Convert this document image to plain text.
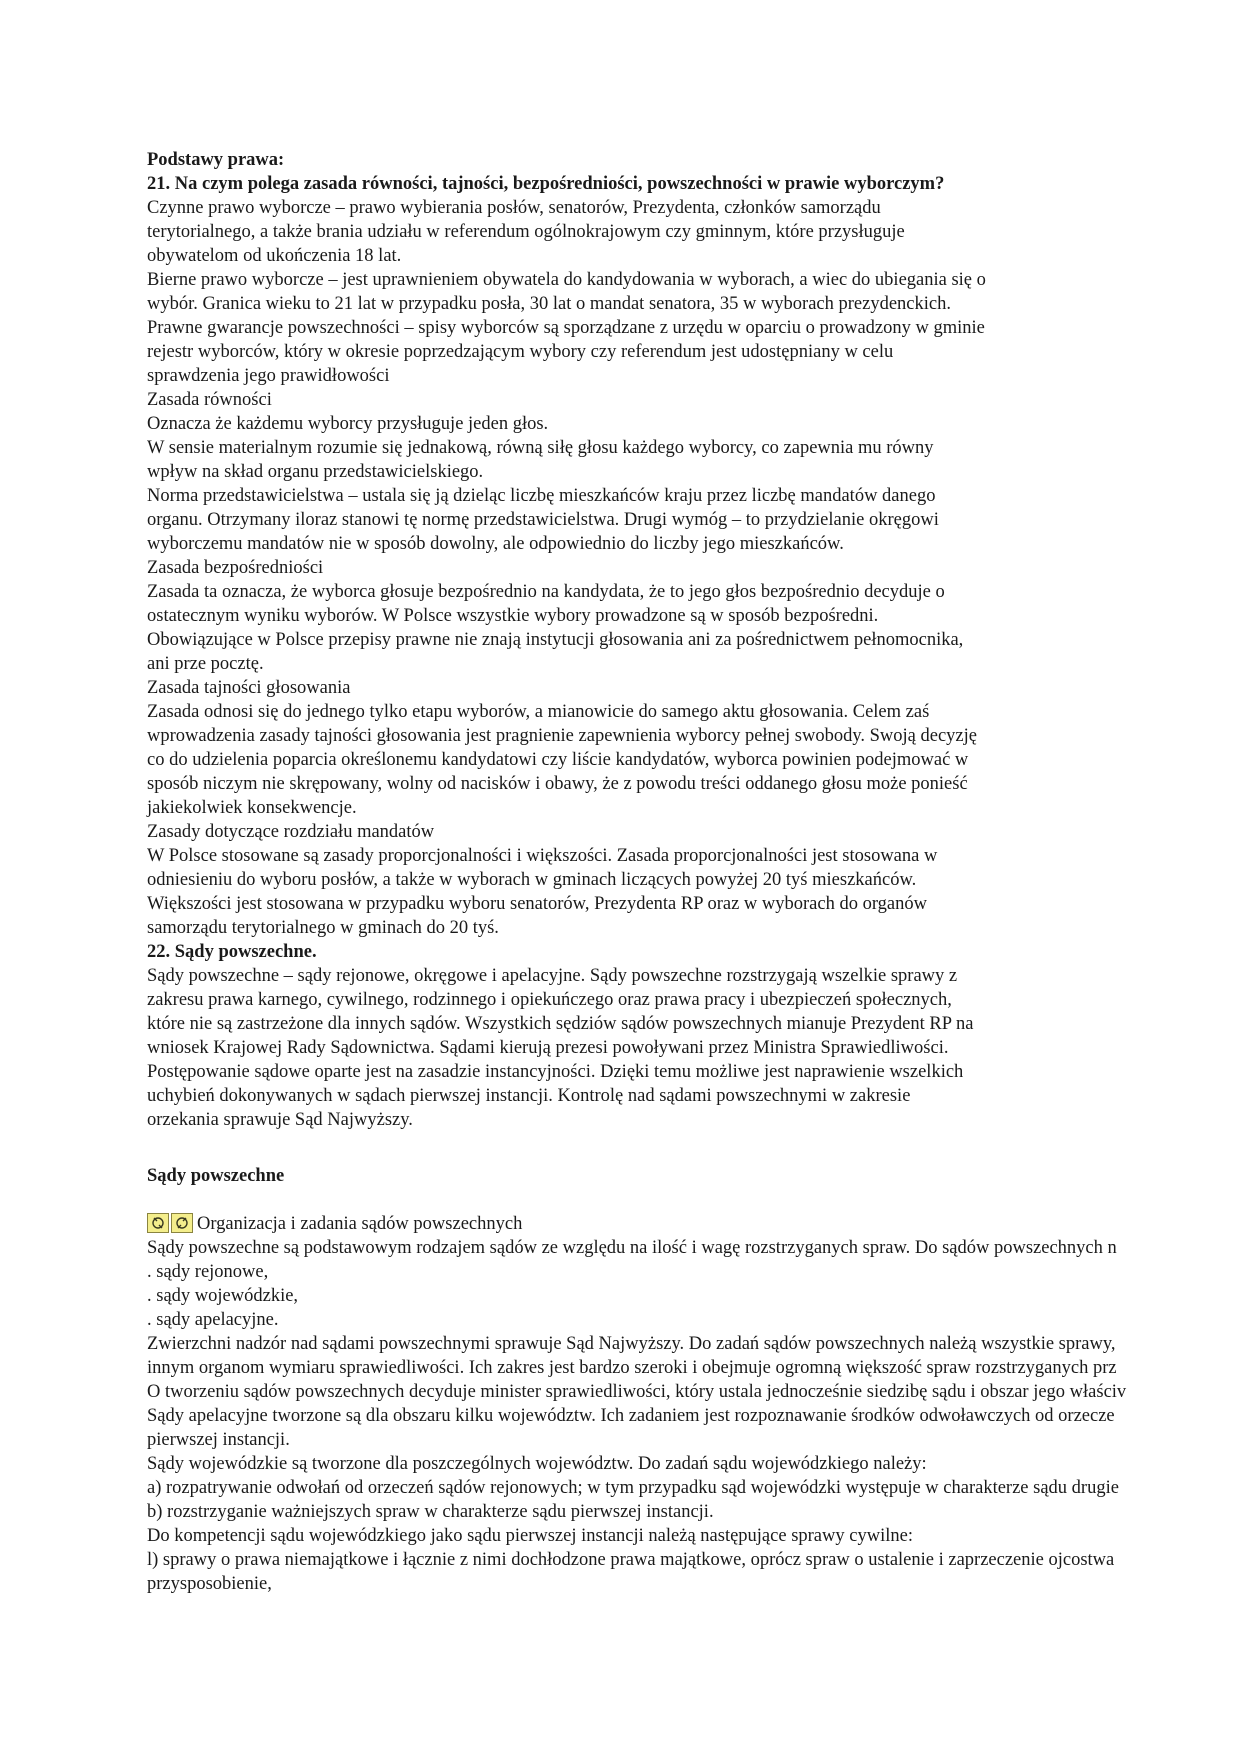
Podstawy prawa:
21. Na czym polega zasada równości, tajności, bezpośredniości, powszechności w prawie wyborczym?
Czynne prawo wyborcze – prawo wybierania posłów, senatorów, Prezydenta, członków samorządu
terytorialnego, a także brania udziału w referendum ogólnokrajowym czy gminnym, które przysługuje
obywatelom od ukończenia 18 lat.
Bierne prawo wyborcze – jest uprawnieniem obywatela do kandydowania w wyborach, a wiec do ubiegania się o
wybór. Granica wieku to 21 lat w przypadku posła, 30 lat o mandat senatora, 35 w wyborach prezydenckich.
Prawne gwarancje powszechności – spisy wyborców są sporządzane z urzędu w oparciu o prowadzony w gminie
rejestr wyborców, który w okresie poprzedzającym wybory czy referendum jest udostępniany w celu
sprawdzenia jego prawidłowości
Zasada równości
Oznacza że każdemu wyborcy przysługuje jeden głos.
W sensie materialnym rozumie się jednakową, równą siłę głosu każdego wyborcy, co zapewnia mu równy
wpływ na skład organu przedstawicielskiego.
Norma przedstawicielstwa – ustala się ją dzieląc liczbę mieszkańców kraju przez liczbę mandatów danego
organu. Otrzymany iloraz stanowi tę normę przedstawicielstwa. Drugi wymóg – to przydzielanie okręgowi
wyborczemu mandatów nie w sposób dowolny, ale odpowiednio do liczby jego mieszkańców.
Zasada bezpośredniości
Zasada ta oznacza, że wyborca głosuje bezpośrednio na kandydata, że to jego głos bezpośrednio decyduje o
ostatecznym wyniku wyborów. W Polsce wszystkie wybory prowadzone są w sposób bezpośredni.
Obowiązujące w Polsce przepisy prawne nie znają instytucji głosowania ani za pośrednictwem pełnomocnika,
ani prze pocztę.
Zasada tajności głosowania
Zasada odnosi się do jednego tylko etapu wyborów, a mianowicie do samego aktu głosowania. Celem zaś
wprowadzenia zasady tajności głosowania jest pragnienie zapewnienia wyborcy pełnej swobody. Swoją decyzję
co do udzielenia poparcia określonemu kandydatowi czy liście kandydatów, wyborca powinien podejmować w
sposób niczym nie skrępowany, wolny od nacisków i obawy, że z powodu treści oddanego głosu może ponieść
jakiekolwiek konsekwencje.
Zasady dotyczące rozdziału mandatów
W Polsce stosowane są zasady proporcjonalności i większości. Zasada proporcjonalności jest stosowana w
odniesieniu do wyboru posłów, a także w wyborach w gminach liczących powyżej 20 tyś mieszkańców.
Większości jest stosowana w przypadku wyboru senatorów, Prezydenta RP oraz w wyborach do organów
samorządu terytorialnego w gminach do 20 tyś.
22. Sądy powszechne.
Sądy powszechne – sądy rejonowe, okręgowe i apelacyjne. Sądy powszechne rozstrzygają wszelkie sprawy z
zakresu prawa karnego, cywilnego, rodzinnego i opiekuńczego oraz prawa pracy i ubezpieczeń społecznych,
które nie są zastrzeżone dla innych sądów. Wszystkich sędziów sądów powszechnych mianuje Prezydent RP na
wniosek Krajowej Rady Sądownictwa. Sądami kierują prezesi powoływani przez Ministra Sprawiedliwości.
Postępowanie sądowe oparte jest na zasadzie instancyjności. Dzięki temu możliwe jest naprawienie wszelkich
uchybień dokonywanych w sądach pierwszej instancji. Kontrolę nad sądami powszechnymi w zakresie
orzekania sprawuje Sąd Najwyższy.
Sądy powszechne
Organizacja i zadania sądów powszechnych
Sądy powszechne są podstawowym rodzajem sądów ze względu na ilość i wagę rozstrzyganych spraw. Do sądów powszechnych n
. sądy rejonowe,
. sądy wojewódzkie,
. sądy apelacyjne.
Zwierzchni nadzór nad sądami powszechnymi sprawuje Sąd Najwyższy. Do zadań sądów powszechnych należą wszystkie sprawy,
innym organom wymiaru sprawiedliwości. Ich zakres jest bardzo szeroki i obejmuje ogromną większość spraw rozstrzyganych prz
O tworzeniu sądów powszechnych decyduje minister sprawiedliwości, który ustala jednocześnie siedzibę sądu i obszar jego właściv
Sądy apelacyjne tworzone są dla obszaru kilku województw. Ich zadaniem jest rozpoznawanie środków odwoławczych od orzecze
pierwszej instancji.
Sądy wojewódzkie są tworzone dla poszczególnych województw. Do zadań sądu wojewódzkiego należy:
a) rozpatrywanie odwołań od orzeczeń sądów rejonowych; w tym przypadku sąd wojewódzki występuje w charakterze sądu drugie
b) rozstrzyganie ważniejszych spraw w charakterze sądu pierwszej instancji.
Do kompetencji sądu wojewódzkiego jako sądu pierwszej instancji należą następujące sprawy cywilne:
l) sprawy o prawa niemajątkowe i łącznie z nimi dochłodzone prawa majątkowe, oprócz spraw o ustalenie i zaprzeczenie ojcostwa
przysposobienie,
